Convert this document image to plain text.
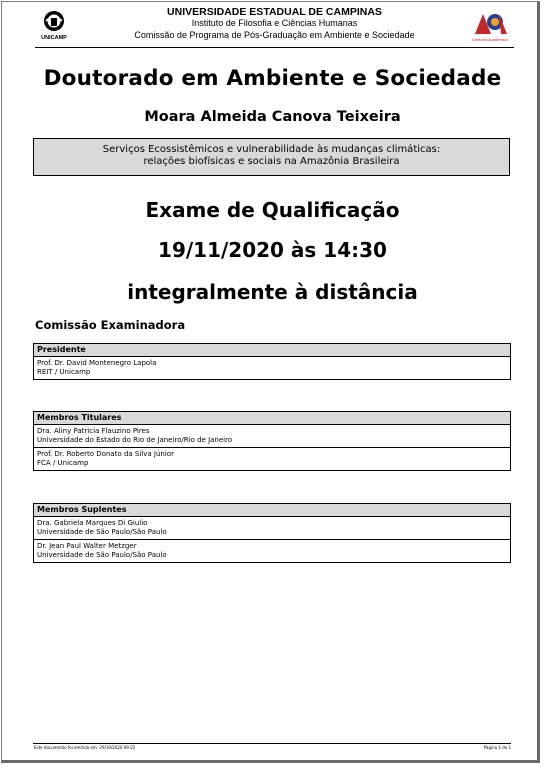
UNICAMP
UNIVERSIDADE ESTADUAL DE CAMPINAS
Instituto de Filosofia e Ciências Humanas
Comissão de Programa de Pós-Graduação em Ambiente e Sociedade	Diretoria Acadêmica
Doutorado em Ambiente e Sociedade
Moara Almeida Canova Teixeira
Serviços Ecossistêmicos e vulnerabilidade às mudanças climáticas:
relações biofísicas e sociais na Amazônia Brasileira
Exame de Qualificação
19/11/2020 às 14:30
integralmente à distância
Comissão Examinadora
Presidente
Prof. Dr. David Montenegro Lapola
REIT / Unicamp
Membros Titulares
Dra. Aliny Patricia Flauzino Pires
Universidade do Estado do Rio de Janeiro/Rio de Janeiro
Prof. Dr. Roberto Donato da Silva Júnior
FCA / Unicamp
Membros Suplentes
Dra. Gabriela Marques Di Giulio
Universidade de São Paulo/São Paulo
Dr. Jean Paul Walter Metzger
Universidade de São Paulo/São Paulo
Este documento foi emitido em: 29/10/2020 09:22	Página 1 de 1
